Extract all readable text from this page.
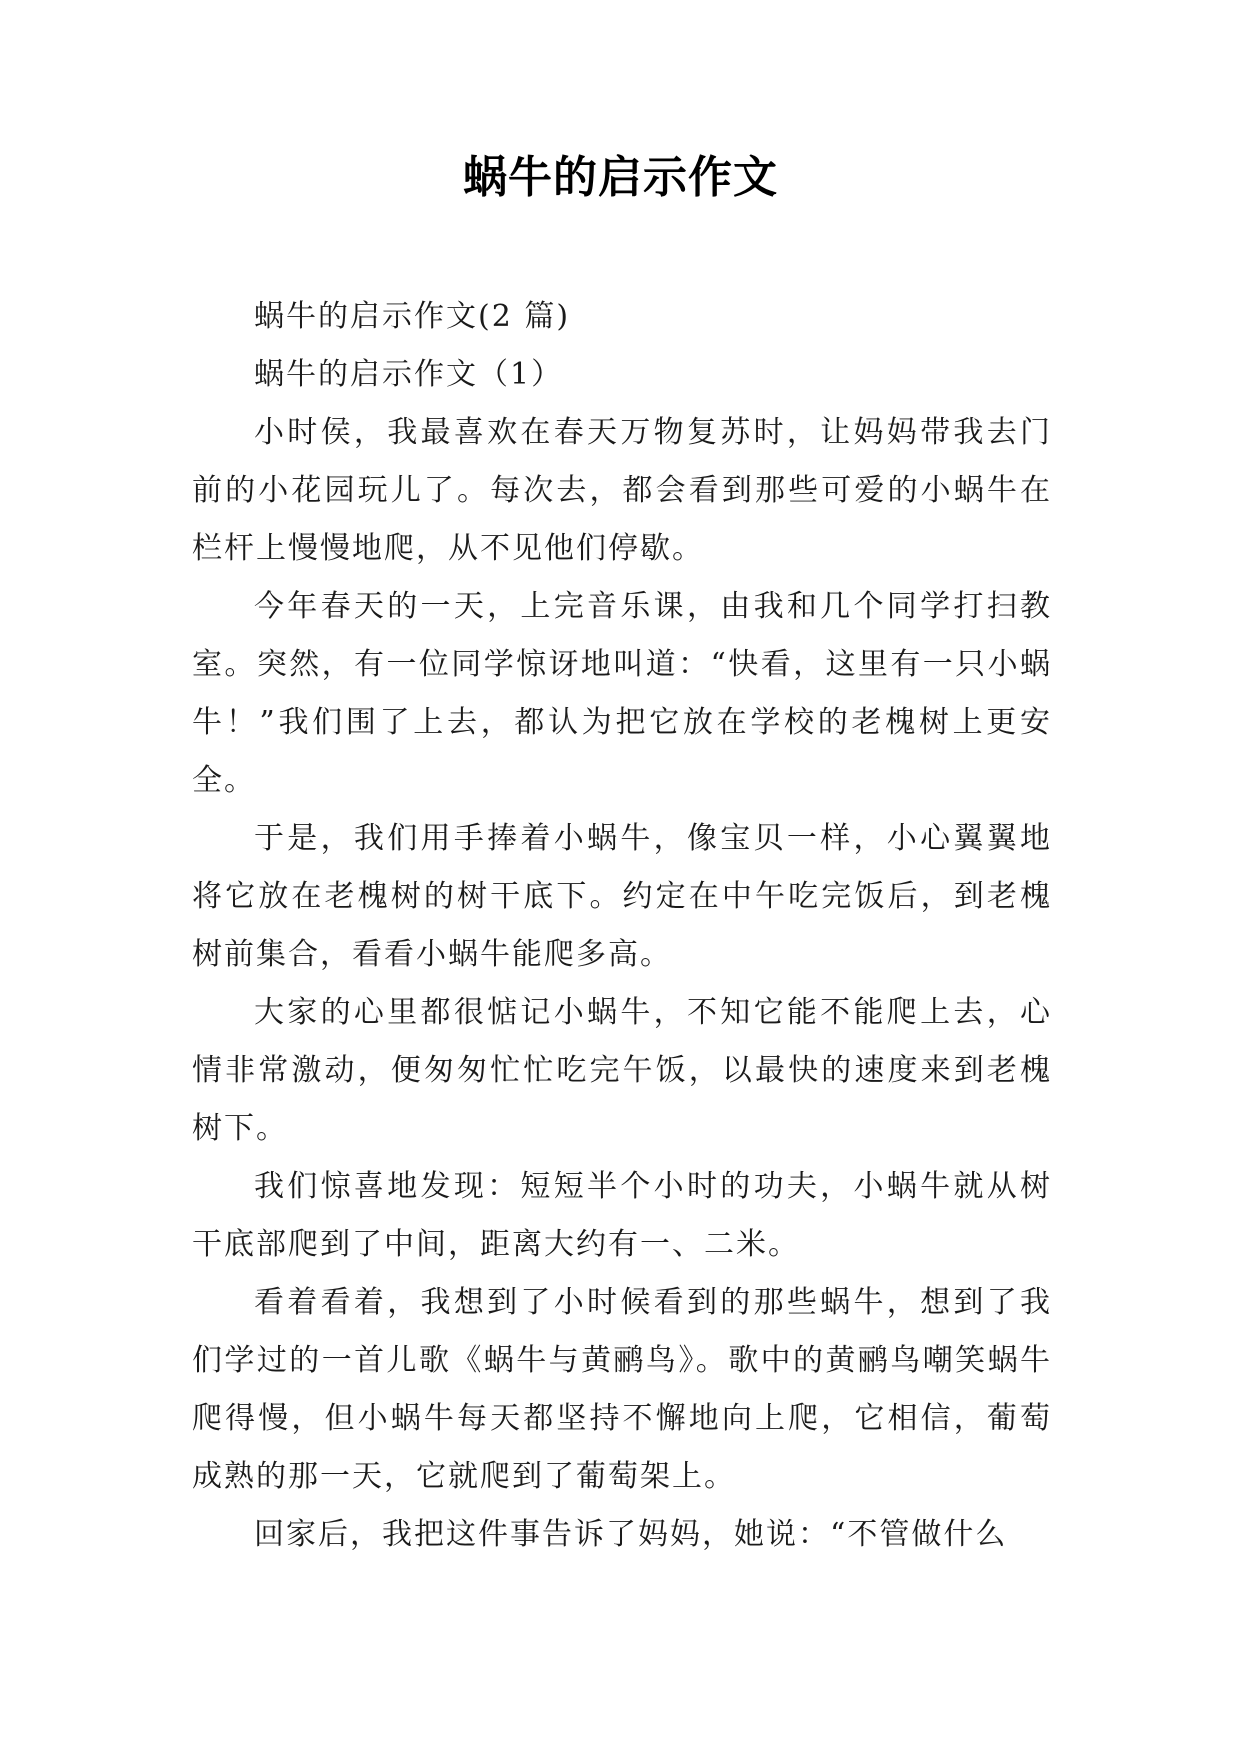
蜗牛的启示作文

蜗牛的启示作文(2 篇)

蜗牛的启示作文（1）

小时侯，我最喜欢在春天万物复苏时，让妈妈带我去门前的小花园玩儿了。每次去，都会看到那些可爱的小蜗牛在栏杆上慢慢地爬，从不见他们停歇。

今年春天的一天，上完音乐课，由我和几个同学打扫教室。突然，有一位同学惊讶地叫道：“快看，这里有一只小蜗牛！”我们围了上去，都认为把它放在学校的老槐树上更安全。

于是，我们用手捧着小蜗牛，像宝贝一样，小心翼翼地将它放在老槐树的树干底下。约定在中午吃完饭后，到老槐树前集合，看看小蜗牛能爬多高。

大家的心里都很惦记小蜗牛，不知它能不能爬上去，心情非常激动，便匆匆忙忙吃完午饭，以最快的速度来到老槐树下。

我们惊喜地发现：短短半个小时的功夫，小蜗牛就从树干底部爬到了中间，距离大约有一、二米。

看着看着，我想到了小时候看到的那些蜗牛，想到了我们学过的一首儿歌《蜗牛与黄鹂鸟》。歌中的黄鹂鸟嘲笑蜗牛爬得慢，但小蜗牛每天都坚持不懈地向上爬，它相信，葡萄成熟的那一天，它就爬到了葡萄架上。

回家后，我把这件事告诉了妈妈，她说：“不管做什么
